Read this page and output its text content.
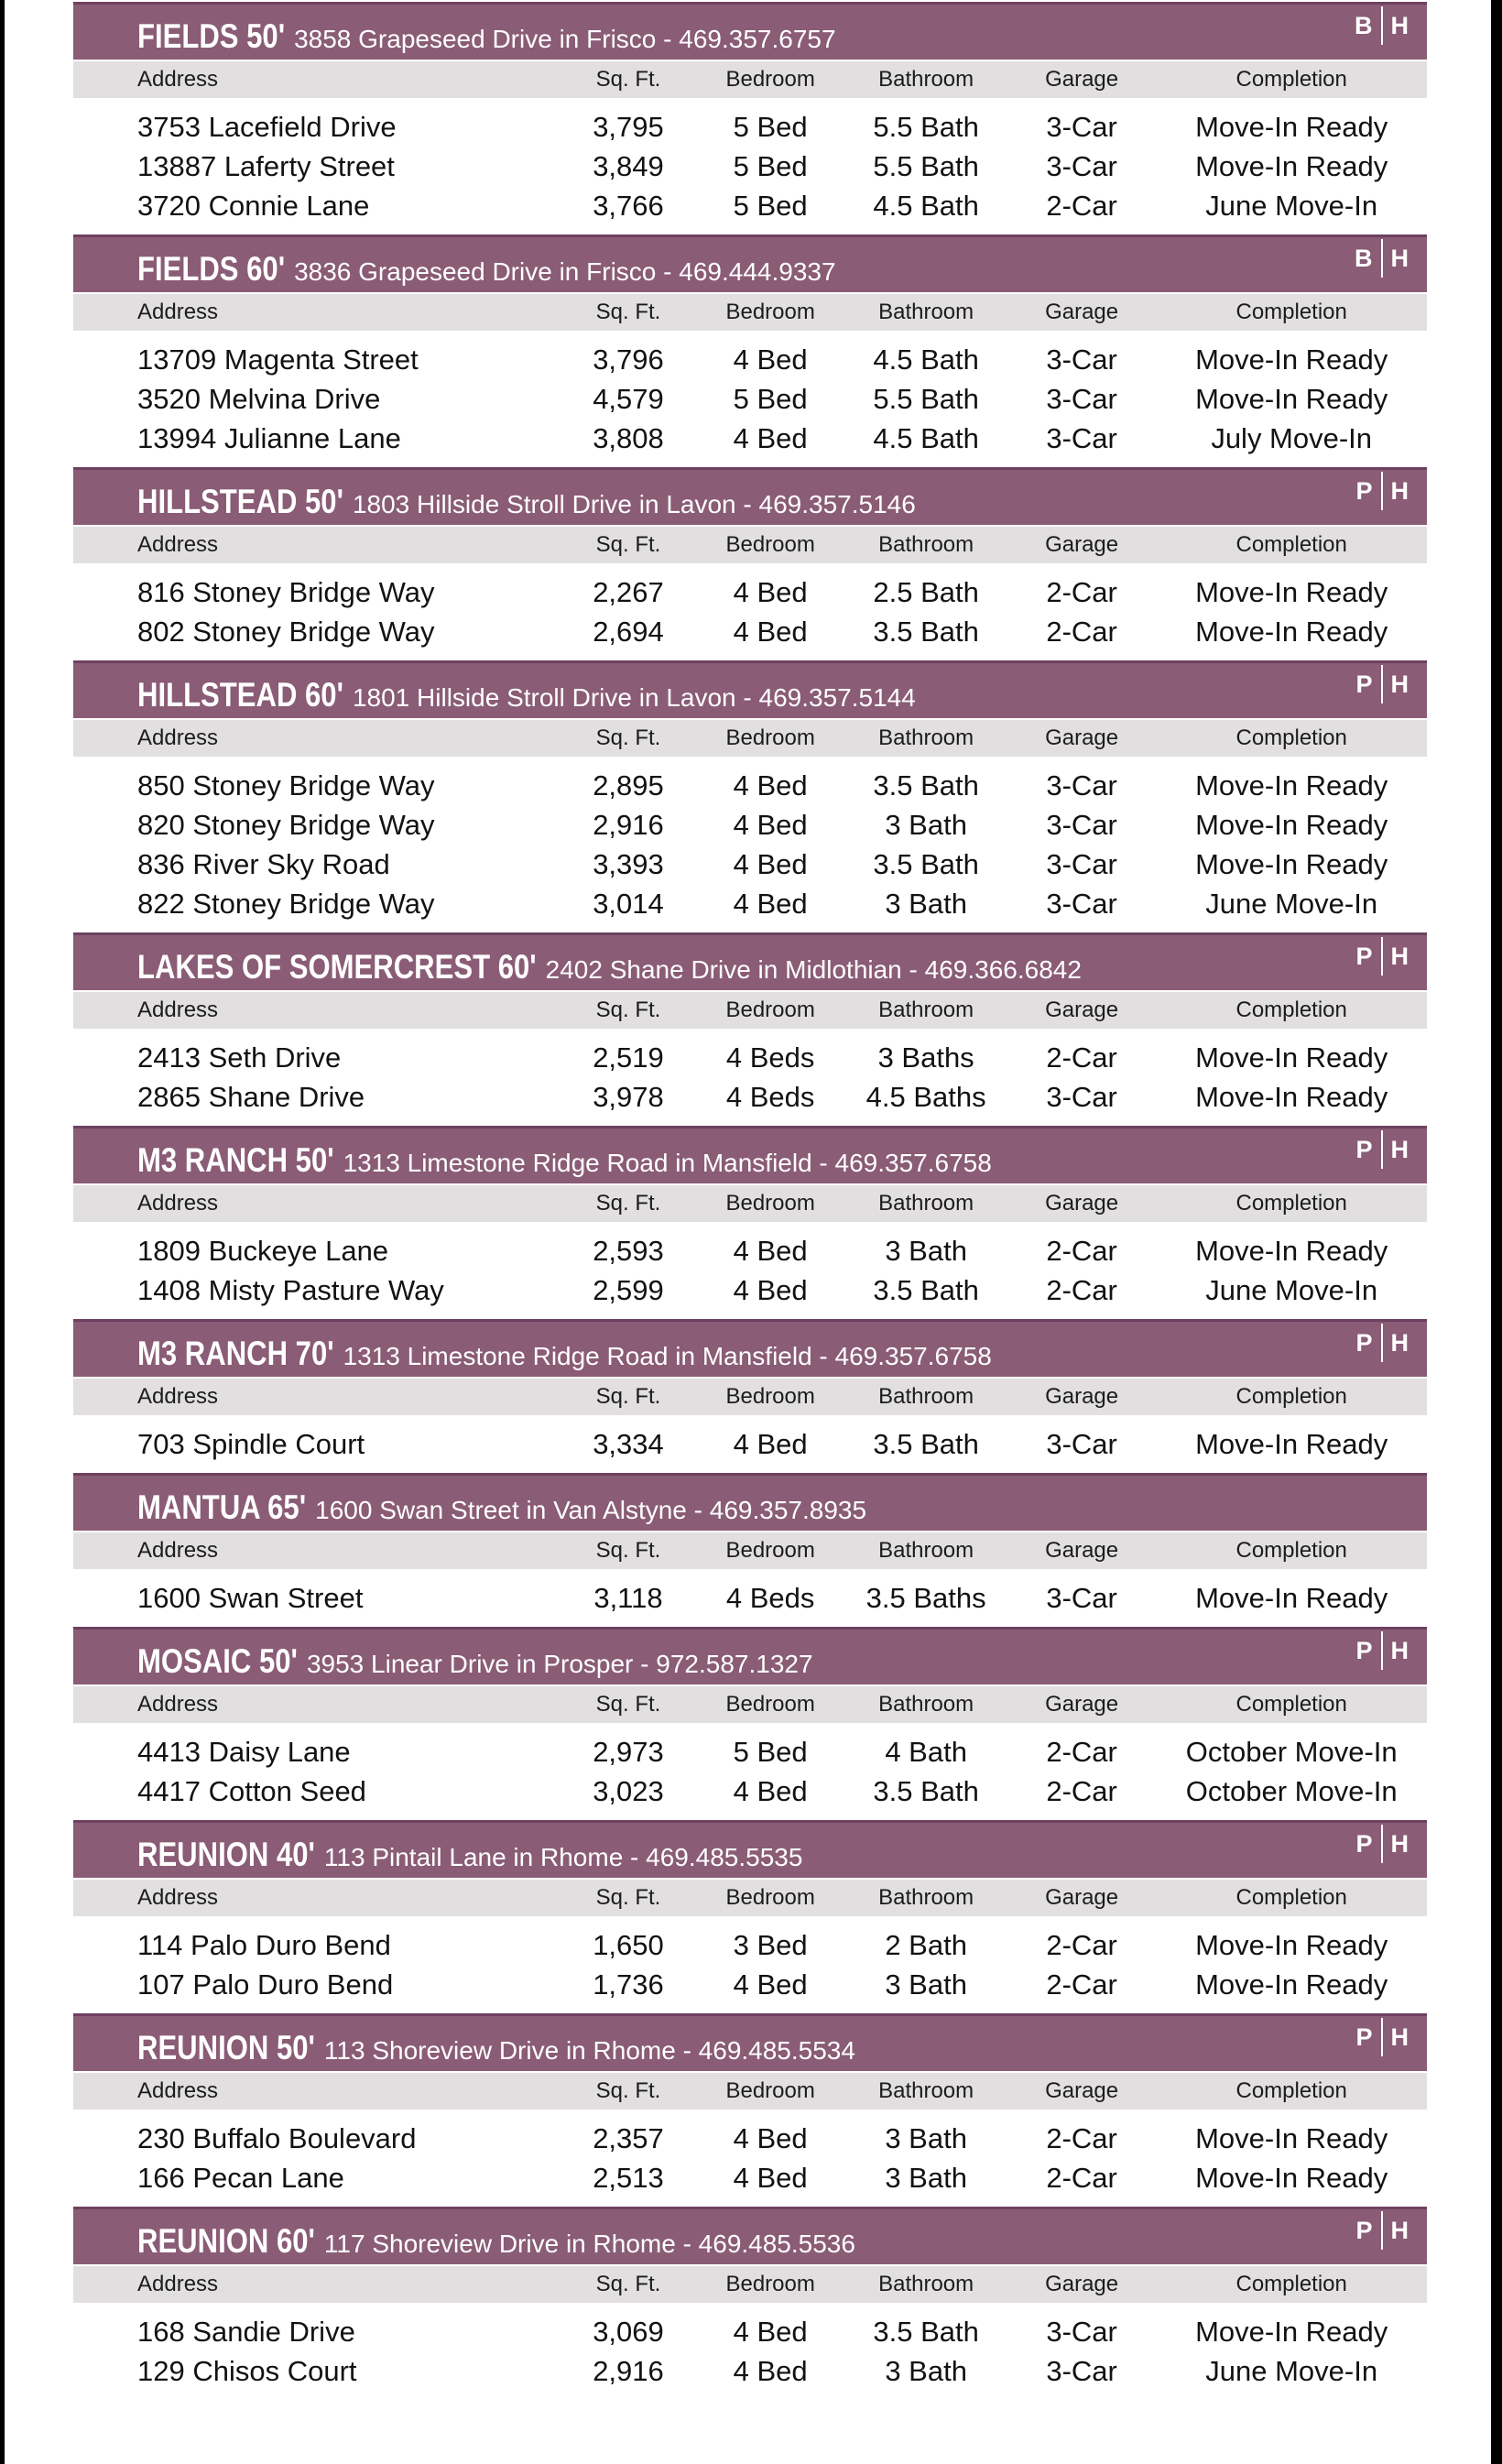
FIELDS 50' 3858 Grapeseed Drive in Frisco - 469.357.6757	B H
Address	Sq. Ft.	Bedroom	Bathroom	Garage	Completion
3753 Lacefield Drive	3,795	5 Bed	5.5 Bath	3-Car	Move-In Ready
13887 Laferty Street	3,849	5 Bed	5.5 Bath	3-Car	Move-In Ready
3720 Connie Lane	3,766	5 Bed	4.5 Bath	2-Car	June Move-In
FIELDS 60' 3836 Grapeseed Drive in Frisco - 469.444.9337	B H
Address	Sq. Ft.	Bedroom	Bathroom	Garage	Completion
13709 Magenta Street	3,796	4 Bed	4.5 Bath	3-Car	Move-In Ready
3520 Melvina Drive	4,579	5 Bed	5.5 Bath	3-Car	Move-In Ready
13994 Julianne Lane	3,808	4 Bed	4.5 Bath	3-Car	July Move-In
HILLSTEAD 50' 1803 Hillside Stroll Drive in Lavon - 469.357.5146	P H
Address	Sq. Ft.	Bedroom	Bathroom	Garage	Completion
816 Stoney Bridge Way	2,267	4 Bed	2.5 Bath	2-Car	Move-In Ready
802 Stoney Bridge Way	2,694	4 Bed	3.5 Bath	2-Car	Move-In Ready
HILLSTEAD 60' 1801 Hillside Stroll Drive in Lavon - 469.357.5144	P H
Address	Sq. Ft.	Bedroom	Bathroom	Garage	Completion
850 Stoney Bridge Way	2,895	4 Bed	3.5 Bath	3-Car	Move-In Ready
820 Stoney Bridge Way	2,916	4 Bed	3 Bath	3-Car	Move-In Ready
836 River Sky Road	3,393	4 Bed	3.5 Bath	3-Car	Move-In Ready
822 Stoney Bridge Way	3,014	4 Bed	3 Bath	3-Car	June Move-In
LAKES OF SOMERCREST 60' 2402 Shane Drive in Midlothian - 469.366.6842	P H
Address	Sq. Ft.	Bedroom	Bathroom	Garage	Completion
2413 Seth Drive	2,519	4 Beds	3 Baths	2-Car	Move-In Ready
2865 Shane Drive	3,978	4 Beds	4.5 Baths	3-Car	Move-In Ready
M3 RANCH 50' 1313 Limestone Ridge Road in Mansfield - 469.357.6758	P H
Address	Sq. Ft.	Bedroom	Bathroom	Garage	Completion
1809 Buckeye Lane	2,593	4 Bed	3 Bath	2-Car	Move-In Ready
1408 Misty Pasture Way	2,599	4 Bed	3.5 Bath	2-Car	June Move-In
M3 RANCH 70' 1313 Limestone Ridge Road in Mansfield - 469.357.6758	P H
Address	Sq. Ft.	Bedroom	Bathroom	Garage	Completion
703 Spindle Court	3,334	4 Bed	3.5 Bath	3-Car	Move-In Ready
MANTUA 65' 1600 Swan Street in Van Alstyne - 469.357.8935
Address	Sq. Ft.	Bedroom	Bathroom	Garage	Completion
1600 Swan Street	3,118	4 Beds	3.5 Baths	3-Car	Move-In Ready
MOSAIC 50' 3953 Linear Drive in Prosper - 972.587.1327	P H
Address	Sq. Ft.	Bedroom	Bathroom	Garage	Completion
4413 Daisy Lane	2,973	5 Bed	4 Bath	2-Car	October Move-In
4417 Cotton Seed	3,023	4 Bed	3.5 Bath	2-Car	October Move-In
REUNION 40' 113 Pintail Lane in Rhome - 469.485.5535	P H
Address	Sq. Ft.	Bedroom	Bathroom	Garage	Completion
114 Palo Duro Bend	1,650	3 Bed	2 Bath	2-Car	Move-In Ready
107 Palo Duro Bend	1,736	4 Bed	3 Bath	2-Car	Move-In Ready
REUNION 50' 113 Shoreview Drive in Rhome - 469.485.5534	P H
Address	Sq. Ft.	Bedroom	Bathroom	Garage	Completion
230 Buffalo Boulevard	2,357	4 Bed	3 Bath	2-Car	Move-In Ready
166 Pecan Lane	2,513	4 Bed	3 Bath	2-Car	Move-In Ready
REUNION 60' 117 Shoreview Drive in Rhome - 469.485.5536	P H
Address	Sq. Ft.	Bedroom	Bathroom	Garage	Completion
168 Sandie Drive	3,069	4 Bed	3.5 Bath	3-Car	Move-In Ready
129 Chisos Court	2,916	4 Bed	3 Bath	3-Car	June Move-In
